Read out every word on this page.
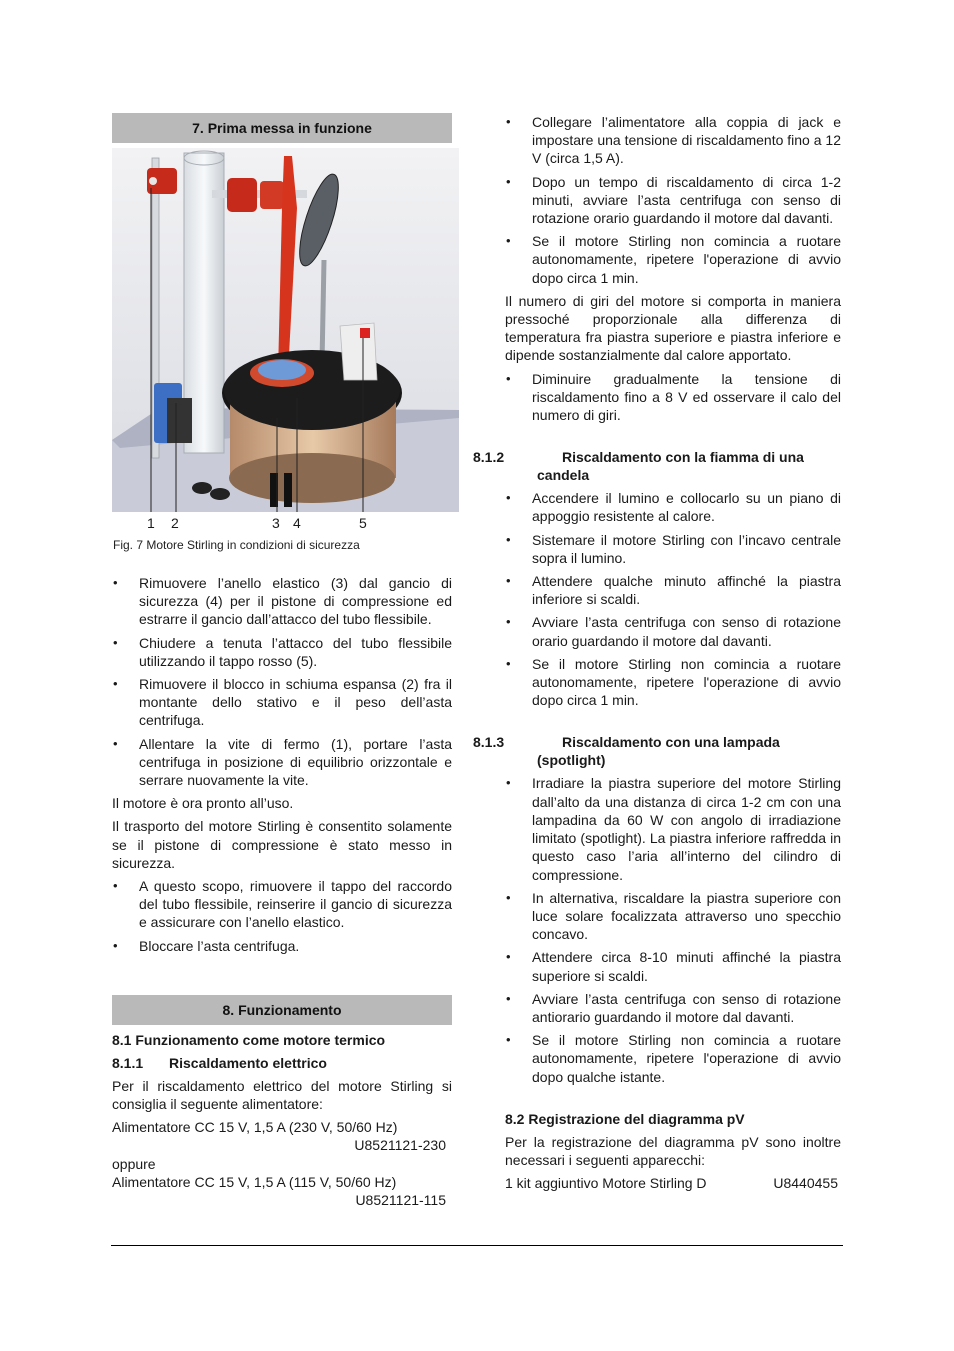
7. Prima messa in funzione
1 2	3 4	5
Fig. 7 Motore Stirling in condizioni di sicurezza
• Rimuovere l’anello elastico (3) dal gancio di sicurezza (4) per il pistone di compressione ed estrarre il gancio dall’attacco del tubo flessibile.
• Chiudere a tenuta l’attacco del tubo flessibile utilizzando il tappo rosso (5).
• Rimuovere il blocco in schiuma espansa (2) fra il montante dello stativo e il peso dell’asta centrifuga.
• Allentare la vite di fermo (1), portare l’asta centrifuga in posizione di equilibrio orizzontale e serrare nuovamente la vite.

Il motore è ora pronto all’uso.

Il trasporto del motore Stirling è consentito solamente se il pistone di compressione è stato messo in sicurezza.

• A questo scopo, rimuovere il tappo del raccordo del tubo flessibile, reinserire il gancio di sicurezza e assicurare con l’anello elastico.
• Bloccare l’asta centrifuga.
8. Funzionamento
8.1 Funzionamento come motore termico
8.1.1 Riscaldamento elettrico

Per il riscaldamento elettrico del motore Stirling si consiglia il seguente alimentatore:

Alimentatore CC 15 V, 1,5 A (230 V, 50/60 Hz)
U8521121-230
oppure
Alimentatore CC 15 V, 1,5 A (115 V, 50/60 Hz)
U8521121-115
• Collegare l’alimentatore alla coppia di jack e impostare una tensione di riscaldamento fino a 12 V (circa 1,5 A).
• Dopo un tempo di riscaldamento di circa 1-2 minuti, avviare l’asta centrifuga con senso di rotazione orario guardando il motore dal davanti.
• Se il motore Stirling non comincia a ruotare autonomamente, ripetere l'operazione di avvio dopo circa 1 min.

Il numero di giri del motore si comporta in maniera pressoché proporzionale alla differenza di temperatura fra piastra superiore e piastra inferiore e dipende sostanzialmente dal calore apportato.

• Diminuire gradualmente la tensione di riscaldamento fino a 8 V ed osservare il calo del numero di giri.
8.1.2	Riscaldamento con la fiamma di una candela
• Accendere il lumino e collocarlo su un piano di appoggio resistente al calore.
• Sistemare il motore Stirling con l’incavo centrale sopra il lumino.
• Attendere qualche minuto affinché la piastra inferiore si scaldi.
• Avviare l’asta centrifuga con senso di rotazione orario guardando il motore dal davanti.
• Se il motore Stirling non comincia a ruotare autonomamente, ripetere l'operazione di avvio dopo circa 1 min.
8.1.3	Riscaldamento con una lampada (spotlight)
• Irradiare la piastra superiore del motore Stirling dall’alto da una distanza di circa 1-2 cm con una lampadina da 60 W con angolo di irradiazione limitato (spotlight). La piastra inferiore raffredda in questo caso l’aria all’interno del cilindro di compressione.
• In alternativa, riscaldare la piastra superiore con luce solare focalizzata attraverso uno specchio concavo.
• Attendere circa 8-10 minuti affinché la piastra superiore si scaldi.
• Avviare l’asta centrifuga con senso di rotazione antiorario guardando il motore dal davanti.
• Se il motore Stirling non comincia a ruotare autonomamente, ripetere l'operazione di avvio dopo qualche istante.
8.2 Registrazione del diagramma pV

Per la registrazione del diagramma pV sono inoltre necessari i seguenti apparecchi:

1 kit aggiuntivo Motore Stirling D	U8440455
